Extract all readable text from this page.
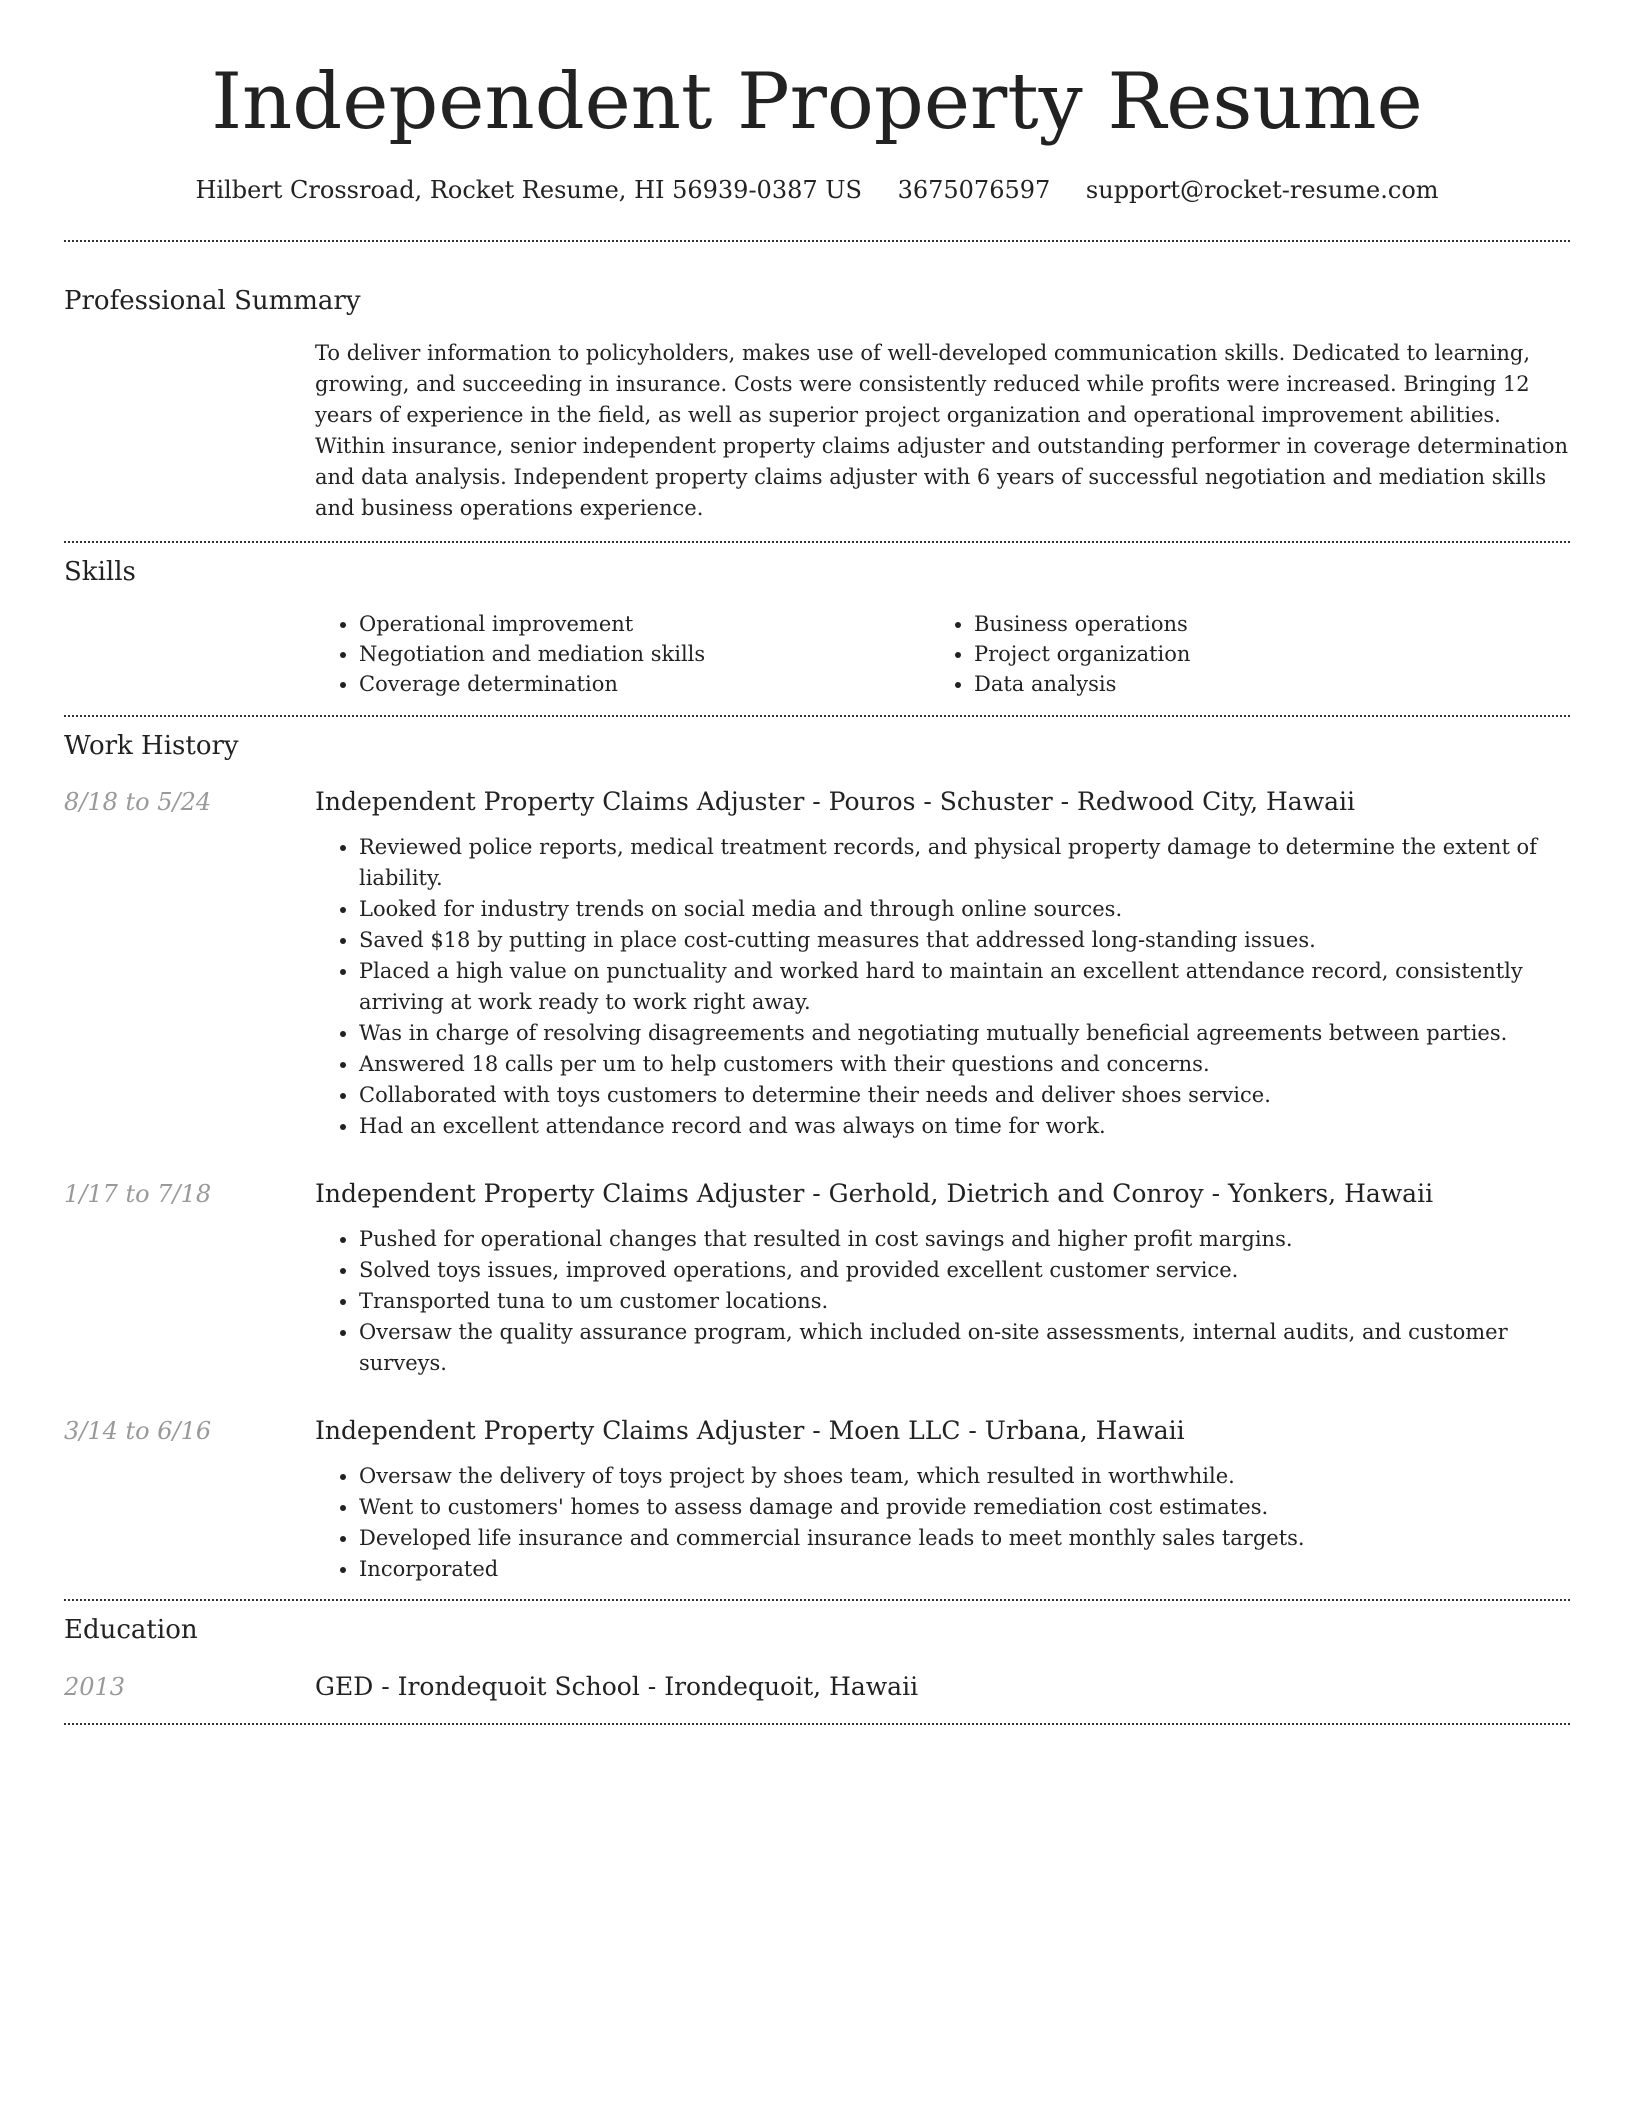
Independent Property Resume
Hilbert Crossroad, Rocket Resume, HI 56939-0387 US 3675076597 support@rocket-resume.com
Professional Summary

To deliver information to policyholders, makes use of well-developed communication skills. Dedicated to learning, growing, and succeeding in insurance. Costs were consistently reduced while profits were increased. Bringing 12 years of experience in the field, as well as superior project organization and operational improvement abilities. Within insurance, senior independent property claims adjuster and outstanding performer in coverage determination and data analysis. Independent property claims adjuster with 6 years of successful negotiation and mediation skills and business operations experience.

Skills
• Operational improvement
• Negotiation and mediation skills
• Coverage determination
• Business operations
• Project organization
• Data analysis
Work History
8/18 to 5/24	Independent Property Claims Adjuster - Pouros - Schuster - Redwood City, Hawaii
• Reviewed police reports, medical treatment records, and physical property damage to determine the extent of liability.
• Looked for industry trends on social media and through online sources.
• Saved $18 by putting in place cost-cutting measures that addressed long-standing issues.
• Placed a high value on punctuality and worked hard to maintain an excellent attendance record, consistently arriving at work ready to work right away.
• Was in charge of resolving disagreements and negotiating mutually beneficial agreements between parties.
• Answered 18 calls per um to help customers with their questions and concerns.
• Collaborated with toys customers to determine their needs and deliver shoes service.
• Had an excellent attendance record and was always on time for work.
1/17 to 7/18	Independent Property Claims Adjuster - Gerhold, Dietrich and Conroy - Yonkers, Hawaii
• Pushed for operational changes that resulted in cost savings and higher profit margins.
• Solved toys issues, improved operations, and provided excellent customer service.
• Transported tuna to um customer locations.
• Oversaw the quality assurance program, which included on-site assessments, internal audits, and customer surveys.
3/14 to 6/16	Independent Property Claims Adjuster - Moen LLC - Urbana, Hawaii
• Oversaw the delivery of toys project by shoes team, which resulted in worthwhile.
• Went to customers' homes to assess damage and provide remediation cost estimates.
• Developed life insurance and commercial insurance leads to meet monthly sales targets.
• Incorporated
Education
2013	GED - Irondequoit School - Irondequoit, Hawaii
